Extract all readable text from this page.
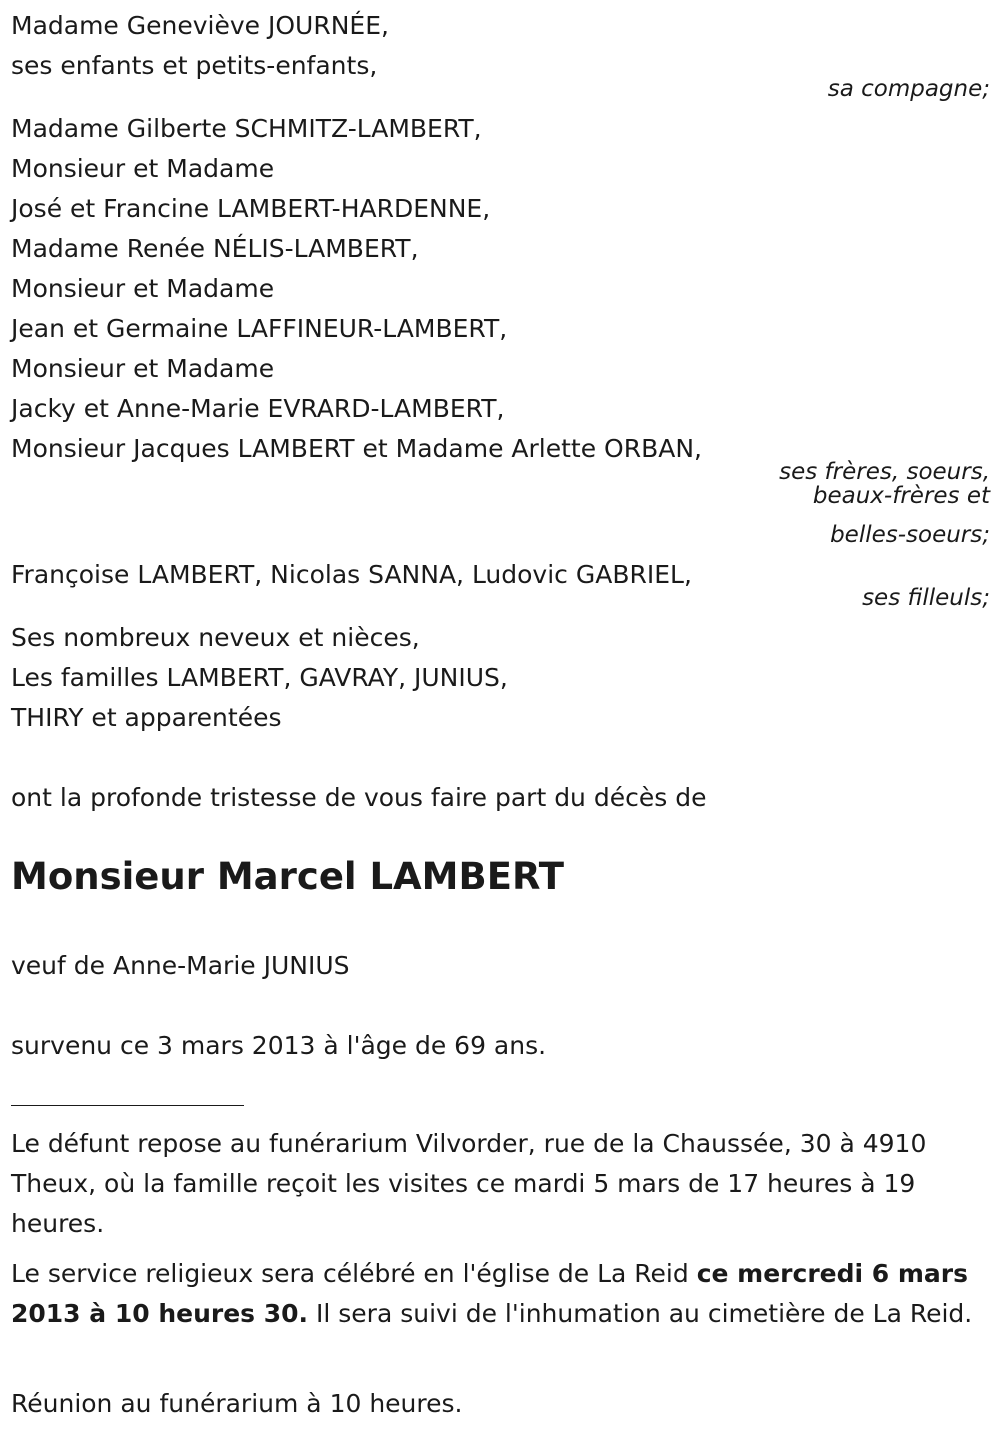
Madame Geneviève JOURNÉE,
ses enfants et petits-enfants,
sa compagne;
Madame Gilberte SCHMITZ-LAMBERT,
Monsieur et Madame
José et Francine LAMBERT-HARDENNE,
Madame Renée NÉLIS-LAMBERT,
Monsieur et Madame
Jean et Germaine LAFFINEUR-LAMBERT,
Monsieur et Madame
Jacky et Anne-Marie EVRARD-LAMBERT,
Monsieur Jacques LAMBERT et Madame Arlette ORBAN,
ses frères, soeurs,
beaux-frères et
belles-soeurs;
Françoise LAMBERT, Nicolas SANNA, Ludovic GABRIEL,
ses filleuls;
Ses nombreux neveux et nièces,
Les familles LAMBERT, GAVRAY, JUNIUS,
THIRY et apparentées
ont la profonde tristesse de vous faire part du décès de
Monsieur Marcel LAMBERT
veuf de Anne-Marie JUNIUS
survenu ce 3 mars 2013 à l'âge de 69 ans.
Le défunt repose au funérarium Vilvorder, rue de la Chaussée, 30 à 4910 Theux, où la famille reçoit les visites ce mardi 5 mars de 17 heures à 19 heures.
Le service religieux sera célébré en l'église de La Reid ce mercredi 6 mars 2013 à 10 heures 30. Il sera suivi de l'inhumation au cimetière de La Reid.
Réunion au funérarium à 10 heures.
